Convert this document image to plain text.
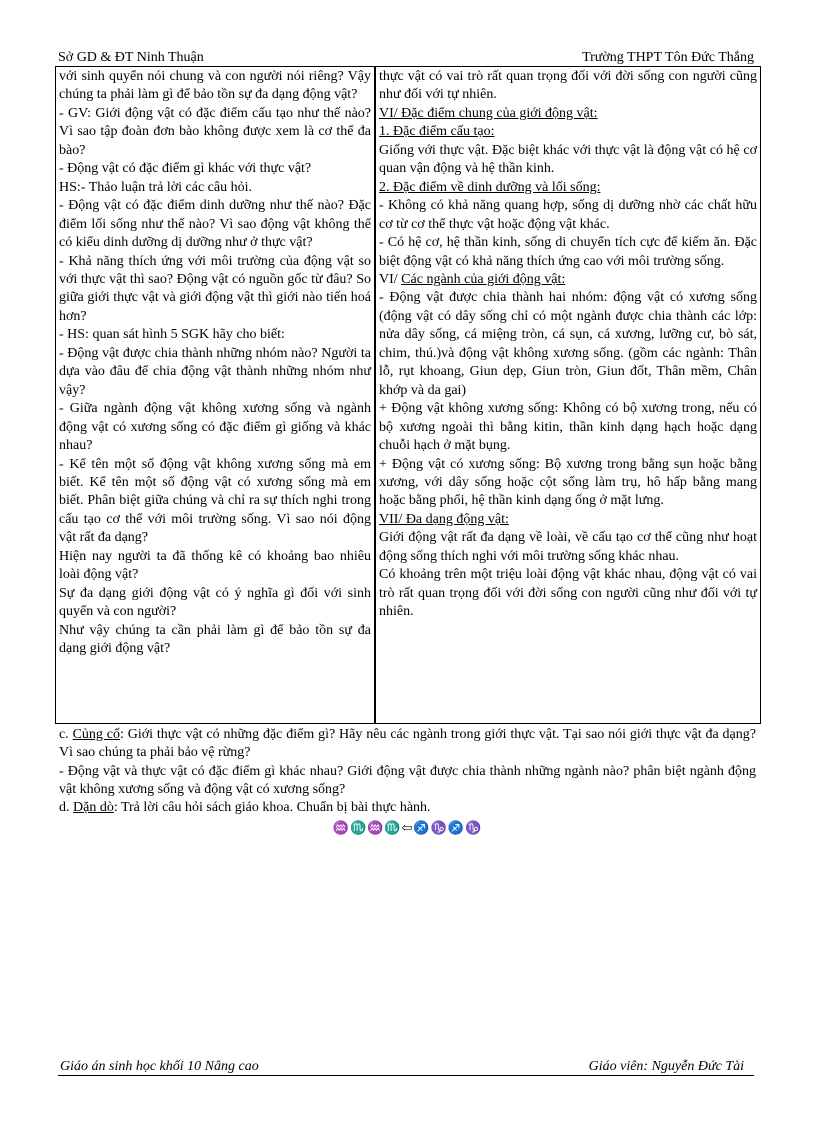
Sở GD & ĐT Ninh Thuận	Trường THPT Tôn Đức Thắng

với sinh quyển nói chung và con người nói riêng? Vậy chúng ta phải làm gì để bảo tồn sự đa dạng động vật?

- GV: Giới động vật có đặc điểm cấu tạo như thế nào? Vì sao tập đoàn đơn bào không được xem là cơ thể đa bào?

- Động vật có đặc điểm gì khác với thực vật?

HS:- Thảo luận trả lời các câu hỏi.

- Động vật có đặc điểm dinh dưỡng như thế nào? Đặc điểm lối sống như thế nào? Vì sao động vật không thể có kiểu dinh dưỡng dị dưỡng như ở thực vật?

- Khả năng thích ứng với môi trường của động vật so với thực vật thì sao? Động vật có nguồn gốc từ đâu? So giữa giới thực vật và giới động vật thì giới nào tiến hoá hơn?

- HS: quan sát hình 5 SGK hãy cho biết:

- Động vật được chia thành những nhóm nào? Người ta dựa vào đâu để chia động vật thành những nhóm như vậy?

- Giữa ngành động vật không xương sống và ngành động vật có xương sống có đặc điểm gì giống và khác nhau?

- Kể tên một số động vật không xương sống mà em biết. Kể tên một số động vật có xương sống mà em biết. Phân biệt giữa chúng và chỉ ra sự thích nghi trong cấu tạo cơ thể với môi trường sống. Vì sao nói động vật rất đa dạng?

Hiện nay người ta đã thống kê có khoảng bao nhiêu loài động vật?

Sự đa dạng giới động vật có ý nghĩa gì đối với sinh quyển và con người?

Như vậy chúng ta cần phải làm gì để bảo tồn sự đa dạng giới động vật?

thực vật có vai trò rất quan trọng đối với đời sống con người cũng như đối với tự nhiên.

VI/ Đặc điểm chung của giới động vật:

1. Đặc điểm cấu tạo:

Giống với thực vật. Đặc biệt khác với thực vật là động vật có hệ cơ quan vận động và hệ thần kinh.

2. Đặc điểm về dinh dưỡng và lối sống:

- Không có khả năng quang hợp, sống dị dưỡng nhờ các chất hữu cơ từ cơ thể thực vật hoặc động vật khác.

- Có hệ cơ, hệ thần kinh, sống di chuyển tích cực để kiếm ăn. Đặc biệt động vật có khả năng thích ứng cao với môi trường sống.

VI/ Các ngành của giới động vật:

- Động vật được chia thành hai nhóm: động vật có xương sống (động vật có dây sống chỉ có một ngành được chia thành các lớp: nửa dây sống, cá miệng tròn, cá sụn, cá xương, lưỡng cư, bò sát, chim, thú.)và động vật không xương sống. (gồm các ngành: Thân lỗ, rụt khoang, Giun dẹp, Giun tròn, Giun đốt, Thân mềm, Chân khớp và da gai)

+ Động vật không xương sống: Không có bộ xương trong, nếu có bộ xương ngoài thì bằng kitin, thần kinh dạng hạch hoặc dạng chuỗi hạch ở mặt bụng.

+ Động vật có xương sống: Bộ xương trong bằng sụn hoặc bằng xương, với dây sống hoặc cột sống làm trụ, hô hấp bằng mang hoặc bằng phổi, hệ thần kinh dạng ống ở mặt lưng.

VII/ Đa dạng động vật:

Giới động vật rất đa dạng về loài, về cấu tạo cơ thể cũng như hoạt động sống thích nghi với môi trường sống khác nhau.

Có khoảng trên một triệu loài động vật khác nhau, động vật có vai trò rất quan trọng đối với đời sống con người cũng như đối với tự nhiên.

c. Củng cố: Giới thực vật có những đặc điểm gì? Hãy nêu các ngành trong giới thực vật. Tại sao nói giới thực vật đa dạng? Vì sao chúng ta phải bảo vệ rừng?

- Động vật và thực vật có đặc điểm gì khác nhau? Giới động vật được chia thành những ngành nào? phân biệt ngành động vật không xương sống và động vật có xương sống?

d. Dặn dò: Trả lời câu hỏi sách giáo khoa. Chuẩn bị bài thực hành.

♒♏♒♏⇦♐♑♐♑
Giáo án sinh học khối 10 Nâng cao	Giáo viên: Nguyễn Đức Tài
